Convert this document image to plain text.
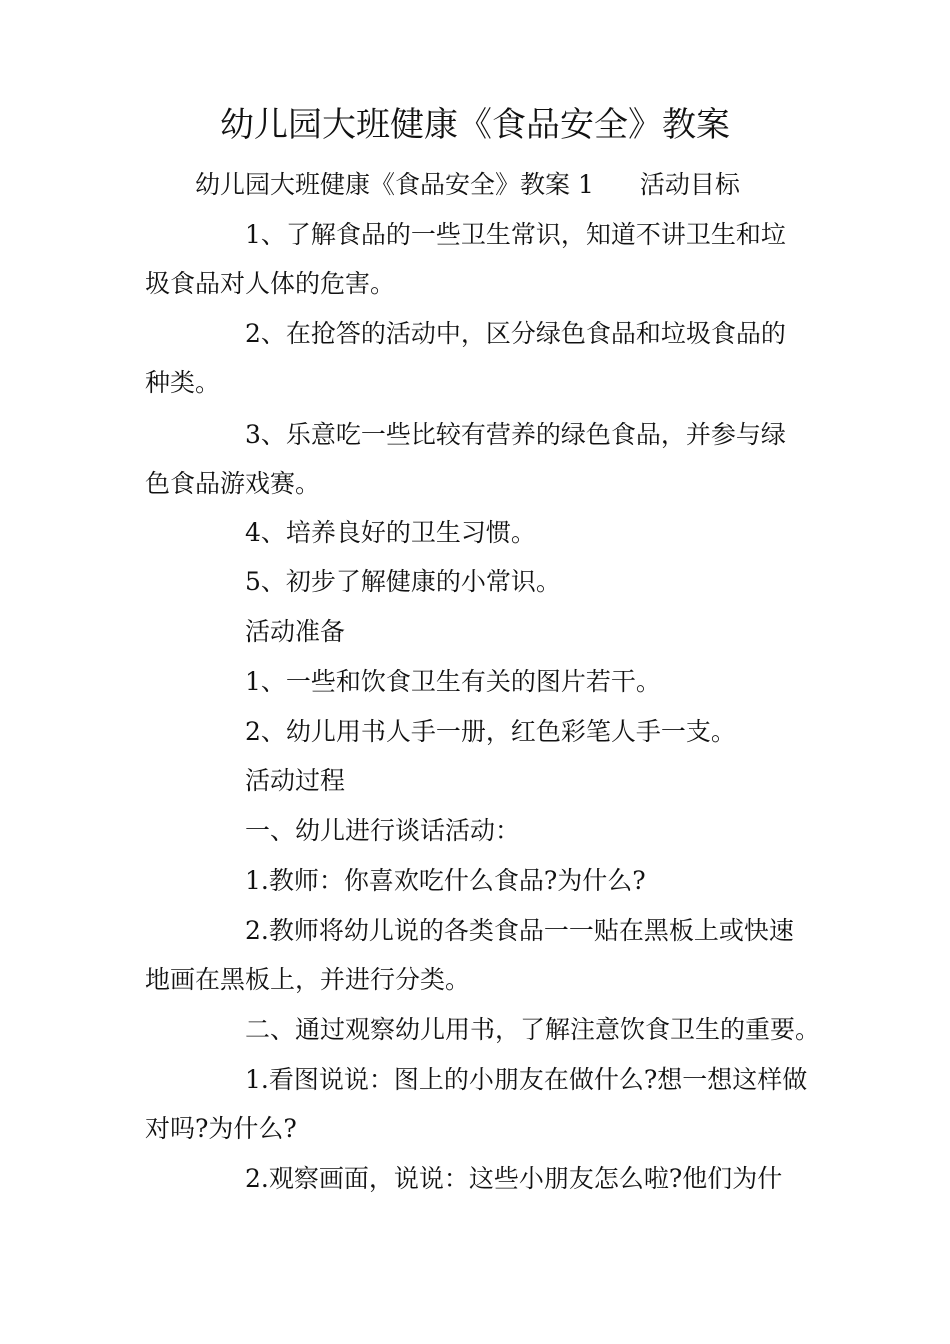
幼儿园大班健康《食品安全》教案

幼儿园大班健康《食品安全》教案 1 活动目标

1、了解食品的一些卫生常识，知道不讲卫生和垃圾食品对人体的危害。

2、在抢答的活动中，区分绿色食品和垃圾食品的种类。

3、乐意吃一些比较有营养的绿色食品，并参与绿色食品游戏赛。

4、培养良好的卫生习惯。

5、初步了解健康的小常识。

活动准备

1、一些和饮食卫生有关的图片若干。

2、幼儿用书人手一册，红色彩笔人手一支。

活动过程

一、幼儿进行谈话活动：

1.教师：你喜欢吃什么食品?为什么?

2.教师将幼儿说的各类食品一一贴在黑板上或快速地画在黑板上，并进行分类。

二、通过观察幼儿用书，了解注意饮食卫生的重要。

1.看图说说：图上的小朋友在做什么?想一想这样做对吗?为什么?

2.观察画面，说说：这些小朋友怎么啦?他们为什
